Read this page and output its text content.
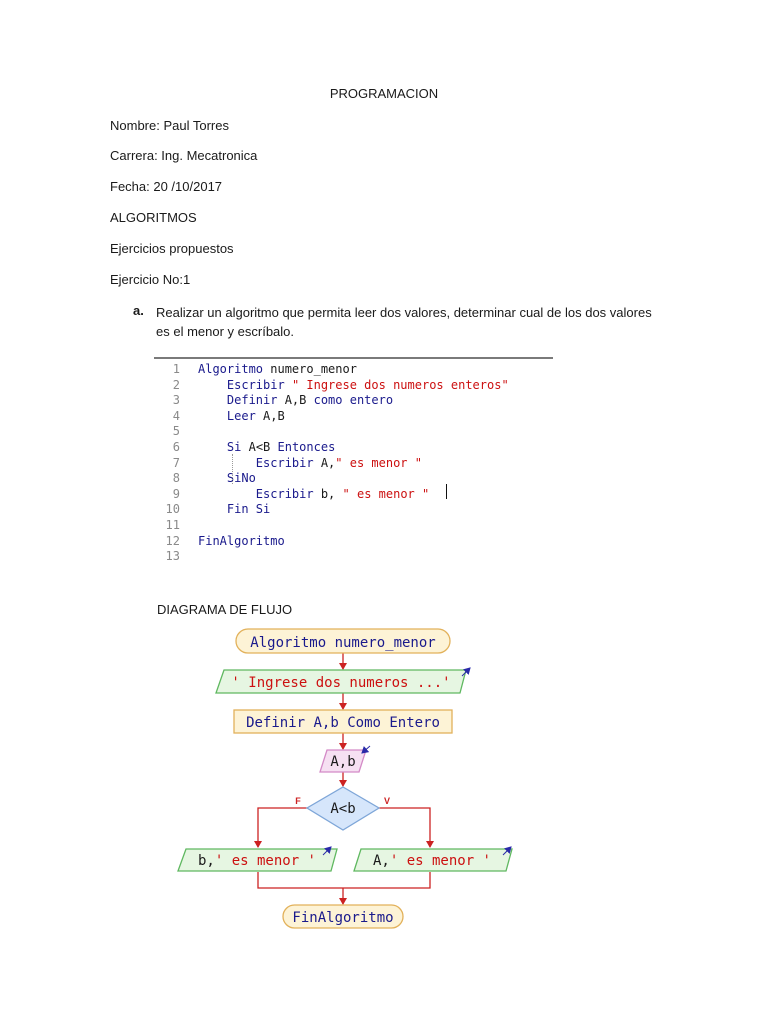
PROGRAMACION
Nombre: Paul Torres
Carrera: Ing. Mecatronica
Fecha: 20 /10/2017
ALGORITMOS
Ejercicios propuestos
Ejercicio No:1
a. Realizar un algoritmo que permita leer dos valores, determinar cual de los dos valores es el menor y escríbalo.
1 Algoritmo numero_menor
2	Escribir " Ingrese dos numeros enteros"
3	Definir A,B como entero
4	Leer A,B
5
6	Si A<B Entonces
7	Escribir A," es menor "
8	SiNo
9	Escribir b, " es menor "
10	Fin Si
11
12 FinAlgoritmo
13
DIAGRAMA DE FLUJO
Algoritmo numero_menor
' Ingrese dos numeros ...'
Definir A,b Como Entero
A,b
A<b
F	V
b,' es menor '	A,' es menor '
FinAlgoritmo
